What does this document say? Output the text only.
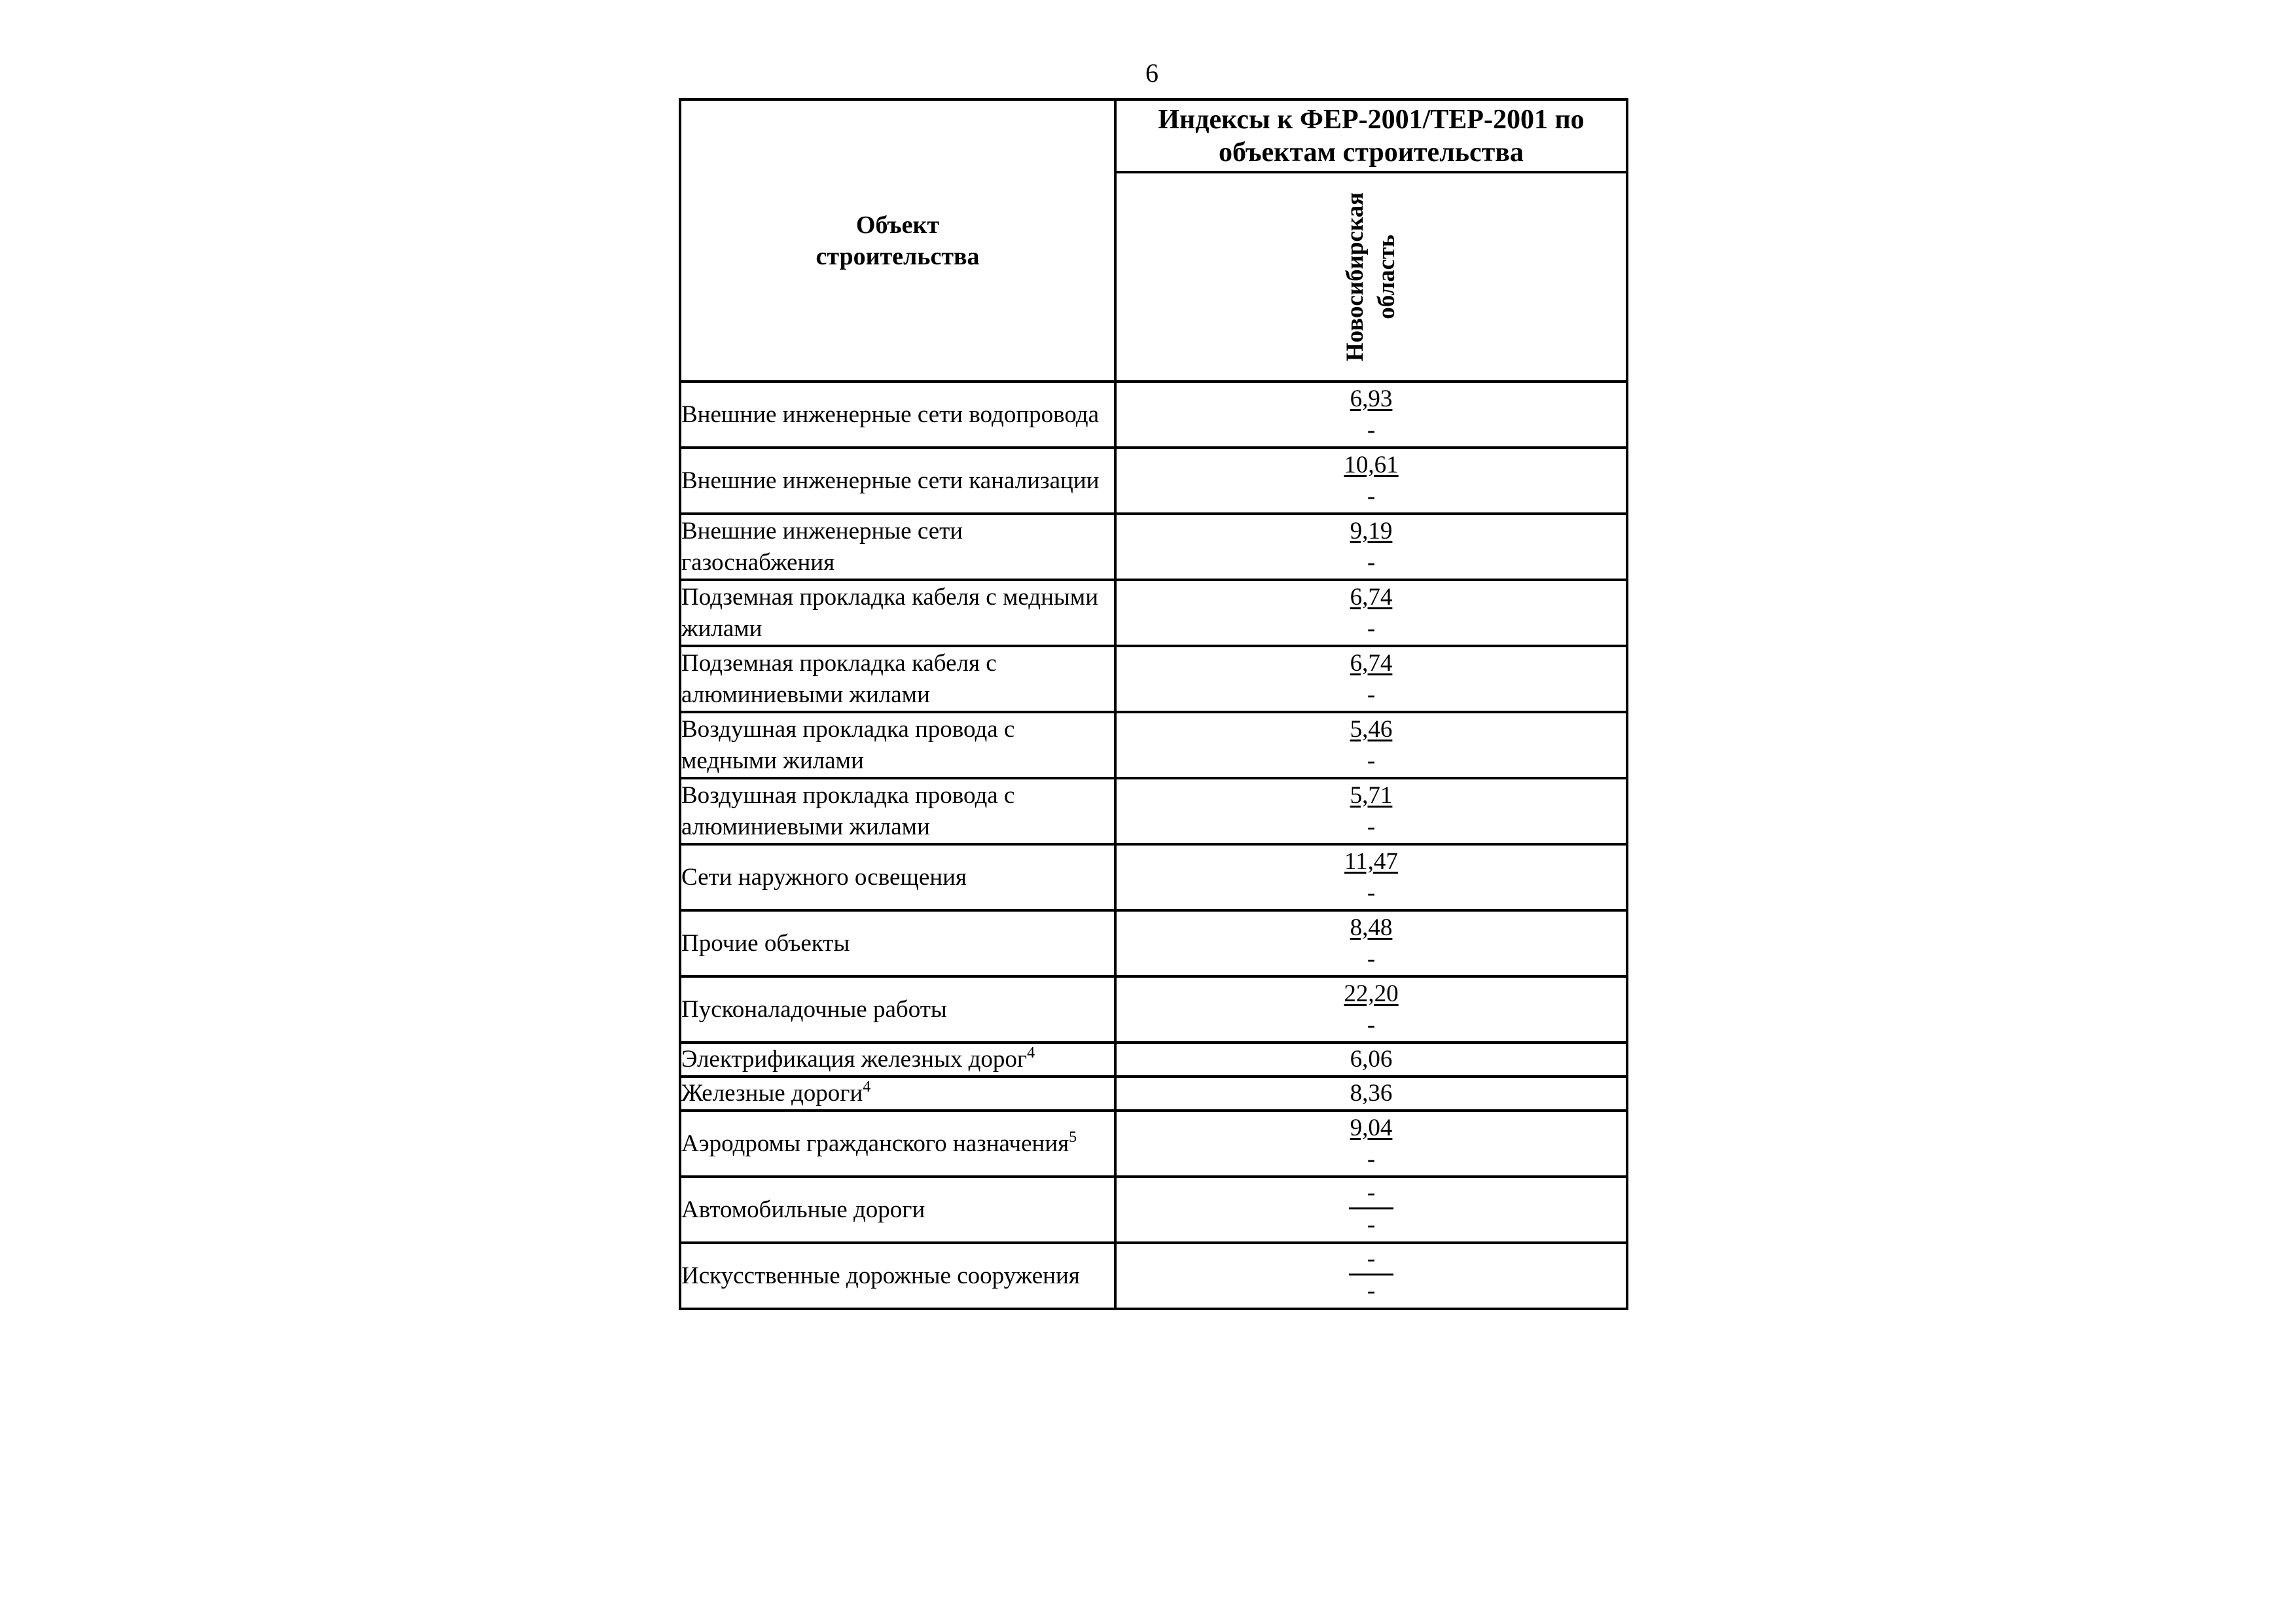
6
Объект
строительства	Индексы к ФЕР-2001/ТЕР-2001 по объектам строительства

	Новосибирская область

Внешние инженерные сети водопровода	$\frac{6,93}{-}$

Внешние инженерные сети канализации	$\frac{10,61}{-}$

Внешние инженерные сети газоснабжения	$\frac{9,19}{-}$

Подземная прокладка кабеля с медными жилами	$\frac{6,74}{-}$

Подземная прокладка кабеля с алюминиевыми жилами	$\frac{6,74}{-}$

Воздушная прокладка провода с медными жилами	$\frac{5,46}{-}$

Воздушная прокладка провода с алюминиевыми жилами	$\frac{5,71}{-}$

Сети наружного освещения	$\frac{11,47}{-}$

Прочие объекты	$\frac{8,48}{-}$

Пусконаладочные работы	$\frac{22,20}{-}$

Электрификация железных дорог$^4$	6,06
Железные дороги$^4$	8,36
Аэродромы гражданского назначения$^5$	$\frac{9,04}{-}$

Автомобильные дороги	$\frac{-}{-}$

Искусственные дорожные сооружения	$\frac{-}{-}$
